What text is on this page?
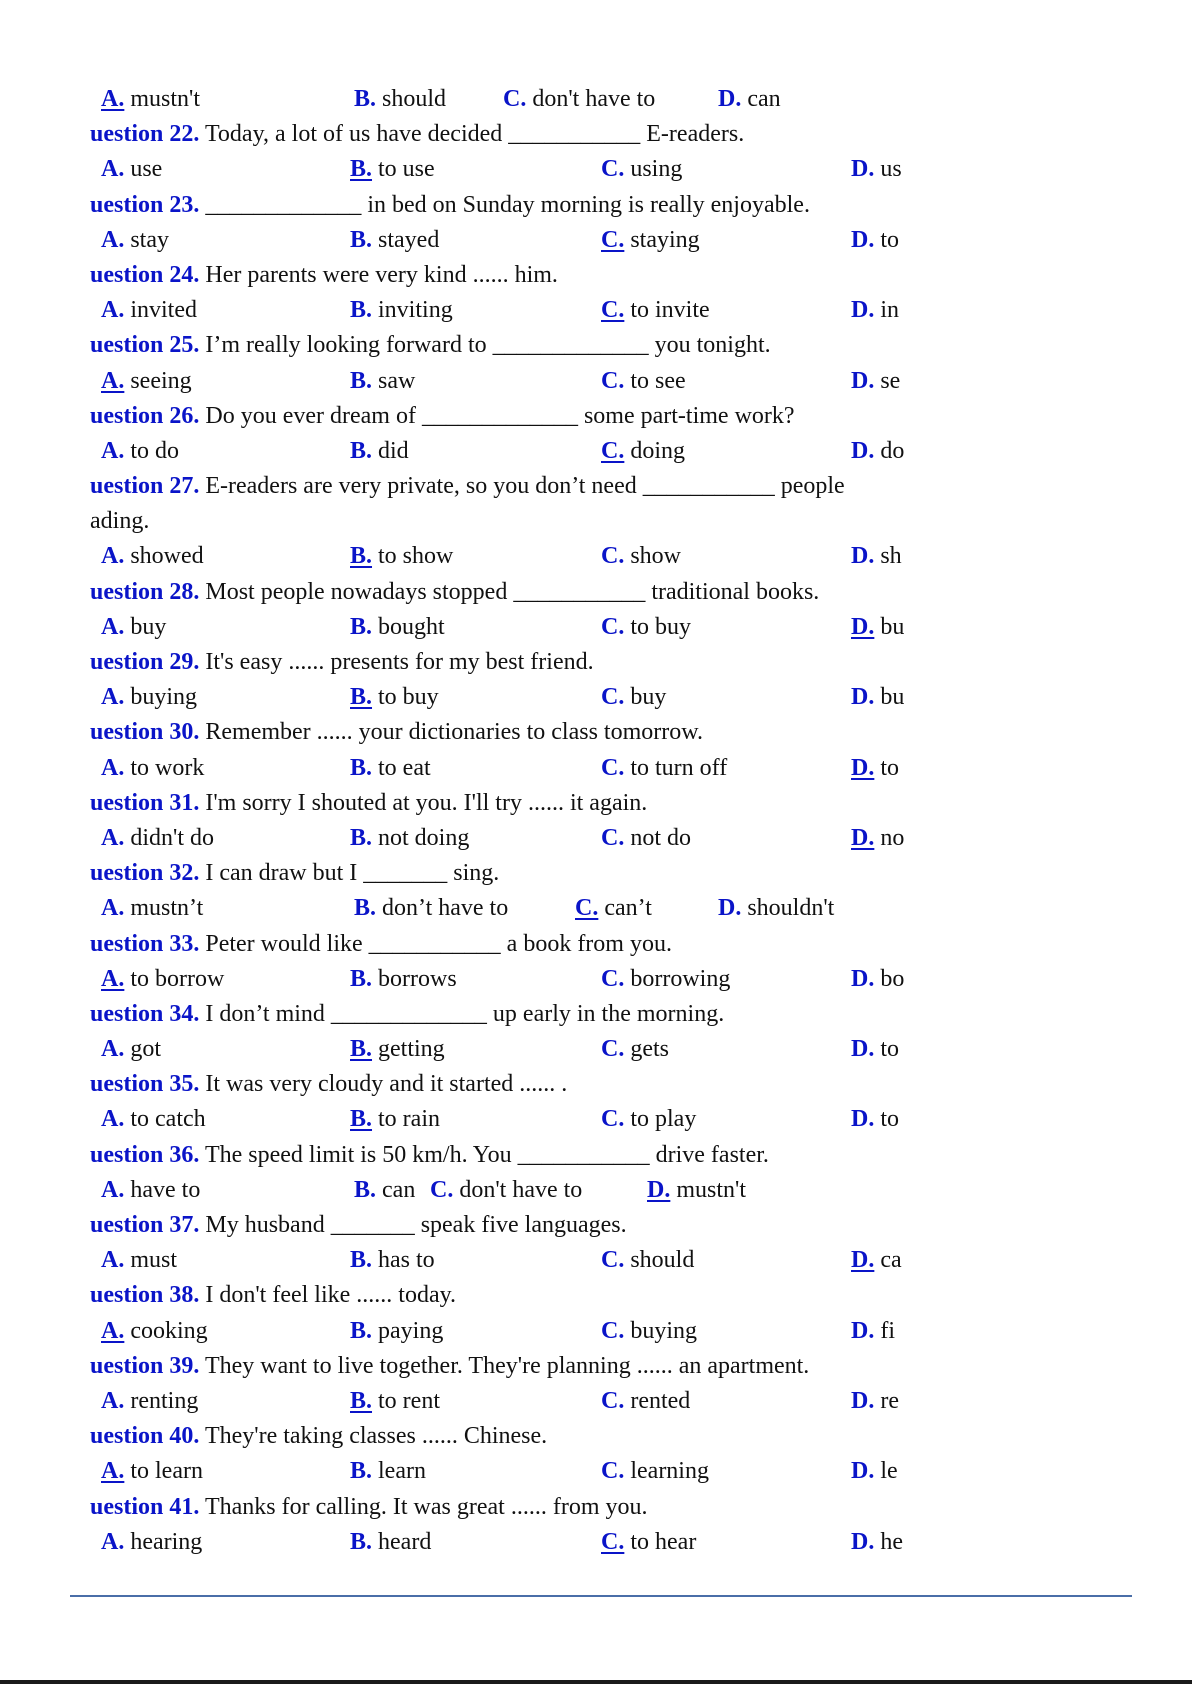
A. mustn't	B. should C. don't have to	D. can
uestion 22. Today, a lot of us have decided ___________ E-readers.
A. use	B. to use	C. using	D. us
uestion 23. _____________ in bed on Sunday morning is really enjoyable.
A. stay	B. stayed	C. staying	D. to
uestion 24. Her parents were very kind ...... him.
A. invited	B. inviting	C. to invite	D. in
uestion 25. I’m really looking forward to _____________ you tonight.
A. seeing	B. saw	C. to see	D. se
uestion 26. Do you ever dream of _____________ some part-time work?
A. to do	B. did	C. doing	D. do
uestion 27. E-readers are very private, so you don’t need ___________ people
ading.
A. showed	B. to show	C. show	D. sh
uestion 28. Most people nowadays stopped ___________ traditional books.
A. buy	B. bought	C. to buy	D. bu
uestion 29. It's easy ...... presents for my best friend.
A. buying	B. to buy	C. buy	D. bu
uestion 30. Remember ...... your dictionaries to class tomorrow.
A. to work	B. to eat	C. to turn off	D. to
uestion 31. I'm sorry I shouted at you. I'll try ...... it again.
A. didn't do	B. not doing	C. not do	D. no
uestion 32. I can draw but I _______ sing.
A. mustn’t	B. don’t have to	C. can’t	D. shouldn't
uestion 33. Peter would like ___________ a book from you.
A. to borrow	B. borrows	C. borrowing	D. bo
uestion 34. I don’t mind _____________ up early in the morning.
A. got	B. getting	C. gets	D. to
uestion 35. It was very cloudy and it started ...... .
A. to catch	B. to rain	C. to play	D. to
uestion 36. The speed limit is 50 km/h. You ___________ drive faster.
A. have to	B. can C. don't have to	D. mustn't
uestion 37. My husband _______ speak five languages.
A. must	B. has to	C. should	D. ca
uestion 38. I don't feel like ...... today.
A. cooking	B. paying	C. buying	D. fi
uestion 39. They want to live together. They're planning ...... an apartment.
A. renting	B. to rent	C. rented	D. re
uestion 40. They're taking classes ...... Chinese.
A. to learn	B. learn	C. learning	D. le
uestion 41. Thanks for calling. It was great ...... from you.
A. hearing	B. heard	C. to hear	D. he
